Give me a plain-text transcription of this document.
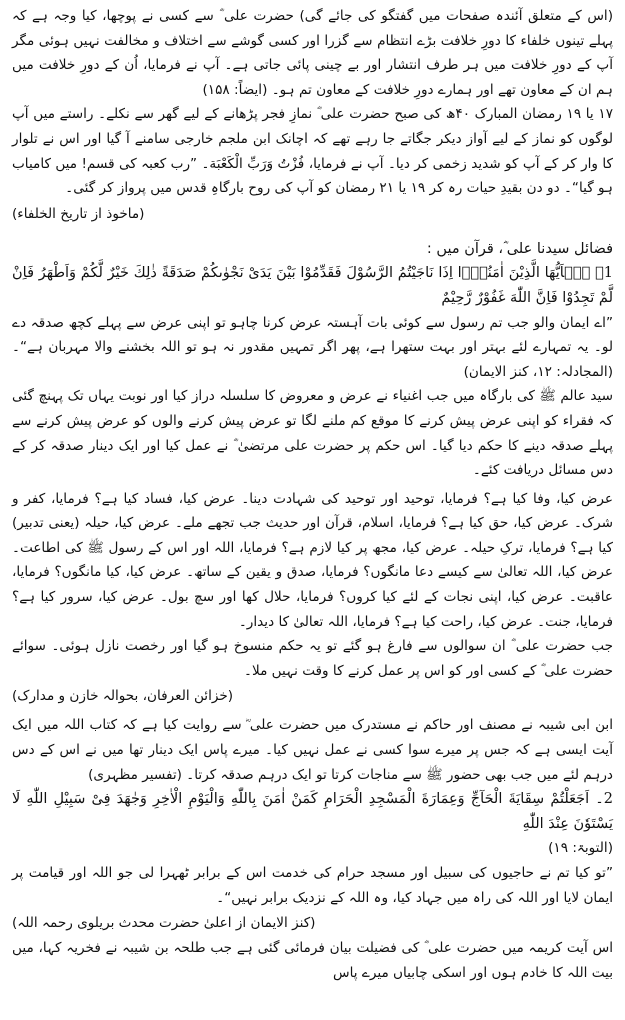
(اس کے متعلق آئندہ صفحات میں گفتگو کی جائے گی) حضرت علی ؓ سے کسی نے پوچھا، کیا وجہ ہے کہ پہلے تینوں خلفاء کا دورِ خلافت بڑے انتظام سے گزرا اور کسی گوشے سے اختلاف و مخالفت نہیں ہوئی مگر آپ کے دورِ خلافت میں ہر طرف انتشار اور بے چینی پائی جاتی ہے۔ آپ نے فرمایا، اُن کے دورِ خلافت میں ہم ان کے معاون تھے اور ہمارے دورِ خلافت کے معاون تم ہو۔ (ایضاً: ۱۵۸)

۱۷ یا ۱۹ رمضان المبارک ۴۰ھ کی صبح حضرت علی ؓ نمازِ فجر پڑھانے کے لیے گھر سے نکلے۔ راستے میں آپ لوگوں کو نماز کے لیے آواز دیکر جگاتے جا رہے تھے کہ اچانک ابن ملجم خارجی سامنے آ گیا اور اس نے تلوار کا وار کر کے آپ کو شدید زخمی کر دیا۔ آپ نے فرمایا، فُزْتُ وَرَبِّ الْكَعْبَة۔ ”رب کعبہ کی قسم! میں کامیاب ہو گیا“۔ دو دن بقیدِ حیات رہ کر ۱۹ یا ۲۱ رمضان کو آپ کی روح بارگاہِ قدس میں پرواز کر گئی۔

(ماخوذ از تاریخ الخلفاء)

فضائل سیدنا علی ؓ، قرآن میں :

1۔ یٰۤاَیُّهَا الَّذِیْنَ اٰمَنُوْۤا اِذَا نَاجَیْتُمُ الرَّسُوْلَ فَقَدِّمُوْا بَیْنَ یَدَیْ نَجْوٰىكُمْ صَدَقَةً ذٰلِكَ خَیْرٌ لَّكُمْ وَاَطْهَرُ فَاِنْ لَّمْ تَجِدُوْا فَاِنَّ اللّٰهَ غَفُوْرٌ رَّحِیْمٌ

”اے ایمان والو جب تم رسول سے کوئی بات آہستہ عرض کرنا چاہو تو اپنی عرض سے پہلے کچھ صدقہ دے لو۔ یہ تمہارے لئے بہتر اور بہت ستھرا ہے، پھر اگر تمہیں مقدور نہ ہو تو اللہ بخشنے والا مہربان ہے“۔ (المجادلہ: ۱۲، کنز الایمان)

سید عالم ﷺ کی بارگاہ میں جب اغنیاء نے عرض و معروض کا سلسلہ دراز کیا اور نوبت یہاں تک پہنچ گئی کہ فقراء کو اپنی عرض پیش کرنے کا موقع کم ملنے لگا تو عرض پیش کرنے والوں کو عرض پیش کرنے سے پہلے صدقہ دینے کا حکم دیا گیا۔ اس حکم پر حضرت علی مرتضیٰ ؓ نے عمل کیا اور ایک دینار صدقہ کر کے دس مسائل دریافت کئے۔

عرض کیا، وفا کیا ہے؟ فرمایا، توحید اور توحید کی شہادت دینا۔ عرض کیا، فساد کیا ہے؟ فرمایا، کفر و شرک۔ عرض کیا، حق کیا ہے؟ فرمایا، اسلام، قرآن اور حدیث جب تجھے ملے۔ عرض کیا، حیلہ (یعنی تدبیر) کیا ہے؟ فرمایا، ترکِ حیلہ۔ عرض کیا، مجھ پر کیا لازم ہے؟ فرمایا، اللہ اور اس کے رسول ﷺ کی اطاعت۔ عرض کیا، اللہ تعالیٰ سے کیسے دعا مانگوں؟ فرمایا، صدق و یقین کے ساتھ۔ عرض کیا، کیا مانگوں؟ فرمایا، عاقبت۔ عرض کیا، اپنی نجات کے لئے کیا کروں؟ فرمایا، حلال کھا اور سچ بول۔ عرض کیا، سرور کیا ہے؟ فرمایا، جنت۔ عرض کیا، راحت کیا ہے؟ فرمایا، اللہ تعالیٰ کا دیدار۔

جب حضرت علی ؓ ان سوالوں سے فارغ ہو گئے تو یہ حکم منسوخ ہو گیا اور رخصت نازل ہوئی۔ سوائے حضرت علی ؓ کے کسی اور کو اس پر عمل کرنے کا وقت نہیں ملا۔

(خزائن العرفان، بحوالہ خازن و مدارک)

ابن ابی شیبہ نے مصنف اور حاکم نے مستدرک میں حضرت علی ؓ سے روایت کیا ہے کہ کتاب اللہ میں ایک آیت ایسی ہے کہ جس پر میرے سوا کسی نے عمل نہیں کیا۔ میرے پاس ایک دینار تھا میں نے اس کے دس درہم لئے میں جب بھی حضور ﷺ سے مناجات کرتا تو ایک درہم صدقہ کرتا۔ (تفسیر مظہری)

2۔ اَجَعَلْتُمْ سِقَایَةَ الْحَآجِّ وَعِمَارَةَ الْمَسْجِدِ الْحَرَامِ كَمَنْ اٰمَنَ بِاللّٰهِ وَالْیَوْمِ الْاٰخِرِ وَجٰهَدَ فِیْ سَبِیْلِ اللّٰهِ لَا یَسْتَوٗنَ عِنْدَ اللّٰهِ

(التوبۃ: ۱۹)

”تو کیا تم نے حاجیوں کی سبیل اور مسجد حرام کی خدمت اس کے برابر ٹھہرا لی جو اللہ اور قیامت پر ایمان لایا اور اللہ کی راہ میں جہاد کیا، وہ اللہ کے نزدیک برابر نہیں“۔

(کنز الایمان از اعلیٰ حضرت محدث بریلوی رحمہ اللہ)

اس آیت کریمہ میں حضرت علی ؓ کی فضیلت بیان فرمائی گئی ہے جب طلحہ بن شیبہ نے فخریہ کہا، میں بیت اللہ کا خادم ہوں اور اسکی چابیاں میرے پاس
